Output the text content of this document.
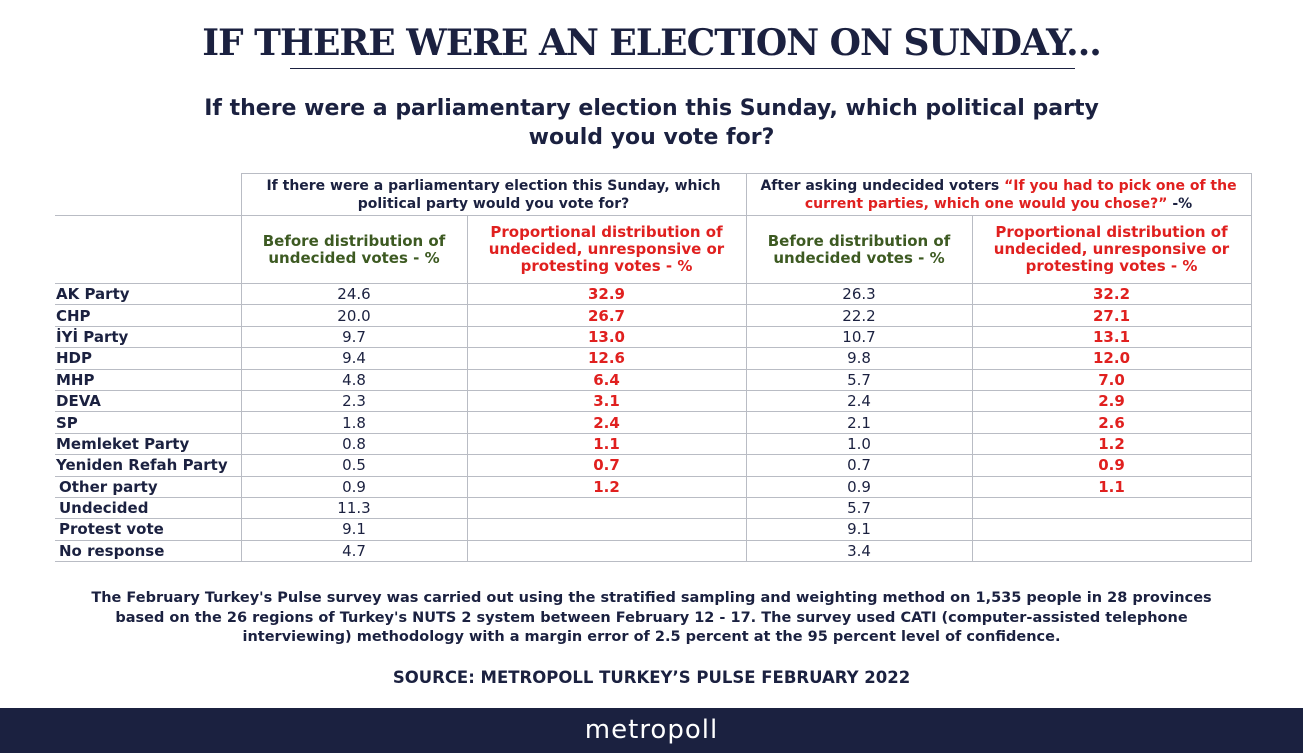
IF THERE WERE AN ELECTION ON SUNDAY...
If there were a parliamentary election this Sunday, which political party
would you vote for?
	If there were a parliamentary election this Sunday, which
political party would you vote for?		After asking undecided voters “If you had to pick one of the
current parties, which one would you chose?” -%	
	Before distribution of
undecided votes - %	Proportional distribution of
undecided, unresponsive or
protesting votes - %	Before distribution of
undecided votes - %	Proportional distribution of
undecided, unresponsive or
protesting votes - %
AK Party	24.6	32.9	26.3	32.2
CHP	20.0	26.7	22.2	27.1
İYİ Party	9.7	13.0	10.7	13.1
HDP	9.4	12.6	9.8	12.0
MHP	4.8	6.4	5.7	7.0
DEVA	2.3	3.1	2.4	2.9
SP	1.8	2.4	2.1	2.6
Memleket Party	0.8	1.1	1.0	1.2
Yeniden Refah Party	0.5	0.7	0.7	0.9
Other party	0.9	1.2	0.9	1.1
Undecided	11.3		5.7	
Protest vote	9.1		9.1	
No response	4.7		3.4	
The February Turkey's Pulse survey was carried out using the stratified sampling and weighting method on 1,535 people in 28 provinces
based on the 26 regions of Turkey's NUTS 2 system between February 12 - 17. The survey used CATI (computer-assisted telephone
interviewing) methodology with a margin error of 2.5 percent at the 95 percent level of confidence.
SOURCE: METROPOLL TURKEY’S PULSE FEBRUARY 2022
metropoll
